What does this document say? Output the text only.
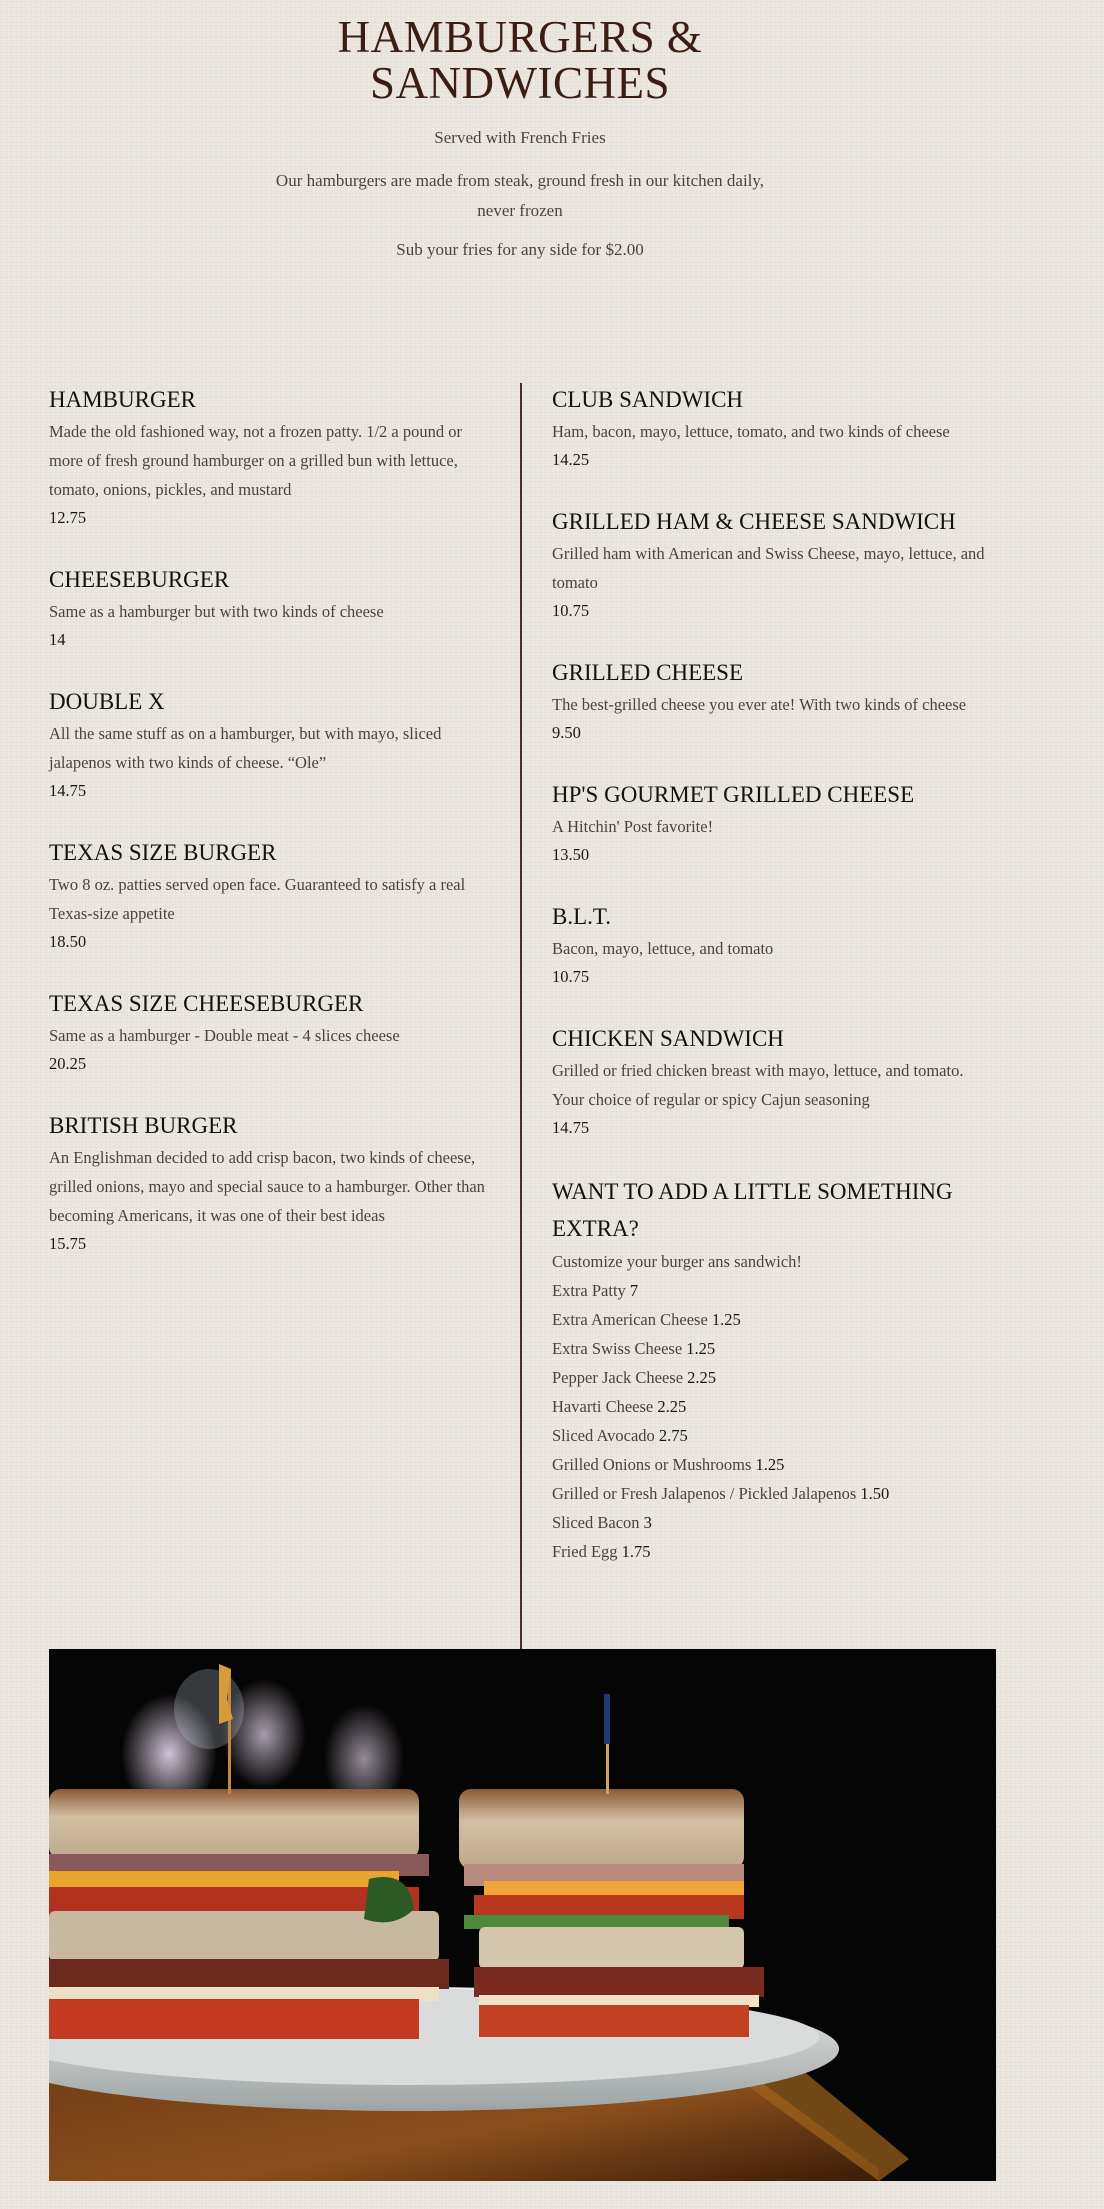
HAMBURGERS &
SANDWICHES

Served with French Fries

Our hamburgers are made from steak, ground fresh in our kitchen daily,
never frozen

Sub your fries for any side for $2.00

HAMBURGER

Made the old fashioned way, not a frozen patty. 1/2 a pound or more of fresh ground hamburger on a grilled bun with lettuce, tomato, onions, pickles, and mustard

12.75

CHEESEBURGER

Same as a hamburger but with two kinds of cheese

14

DOUBLE X

All the same stuff as on a hamburger, but with mayo, sliced jalapenos with two kinds of cheese. “Ole”

14.75

TEXAS SIZE BURGER

Two 8 oz. patties served open face. Guaranteed to satisfy a real Texas-size appetite

18.50

TEXAS SIZE CHEESEBURGER

Same as a hamburger - Double meat - 4 slices cheese

20.25

BRITISH BURGER

An Englishman decided to add crisp bacon, two kinds of cheese, grilled onions, mayo and special sauce to a hamburger. Other than becoming Americans, it was one of their best ideas

15.75

CLUB SANDWICH

Ham, bacon, mayo, lettuce, tomato, and two kinds of cheese

14.25

GRILLED HAM & CHEESE SANDWICH

Grilled ham with American and Swiss Cheese, mayo, lettuce, and tomato

10.75

GRILLED CHEESE

The best-grilled cheese you ever ate! With two kinds of cheese

9.50

HP'S GOURMET GRILLED CHEESE

A Hitchin' Post favorite!

13.50

B.L.T.

Bacon, mayo, lettuce, and tomato

10.75

CHICKEN SANDWICH

Grilled or fried chicken breast with mayo, lettuce, and tomato. Your choice of regular or spicy Cajun seasoning

14.75

WANT TO ADD A LITTLE SOMETHING EXTRA?

Customize your burger ans sandwich!

Extra Patty 7
Extra American Cheese 1.25
Extra Swiss Cheese 1.25
Pepper Jack Cheese 2.25
Havarti Cheese 2.25
Sliced Avocado 2.75
Grilled Onions or Mushrooms 1.25
Grilled or Fresh Jalapenos / Pickled Jalapenos 1.50
Sliced Bacon 3
Fried Egg 1.75
